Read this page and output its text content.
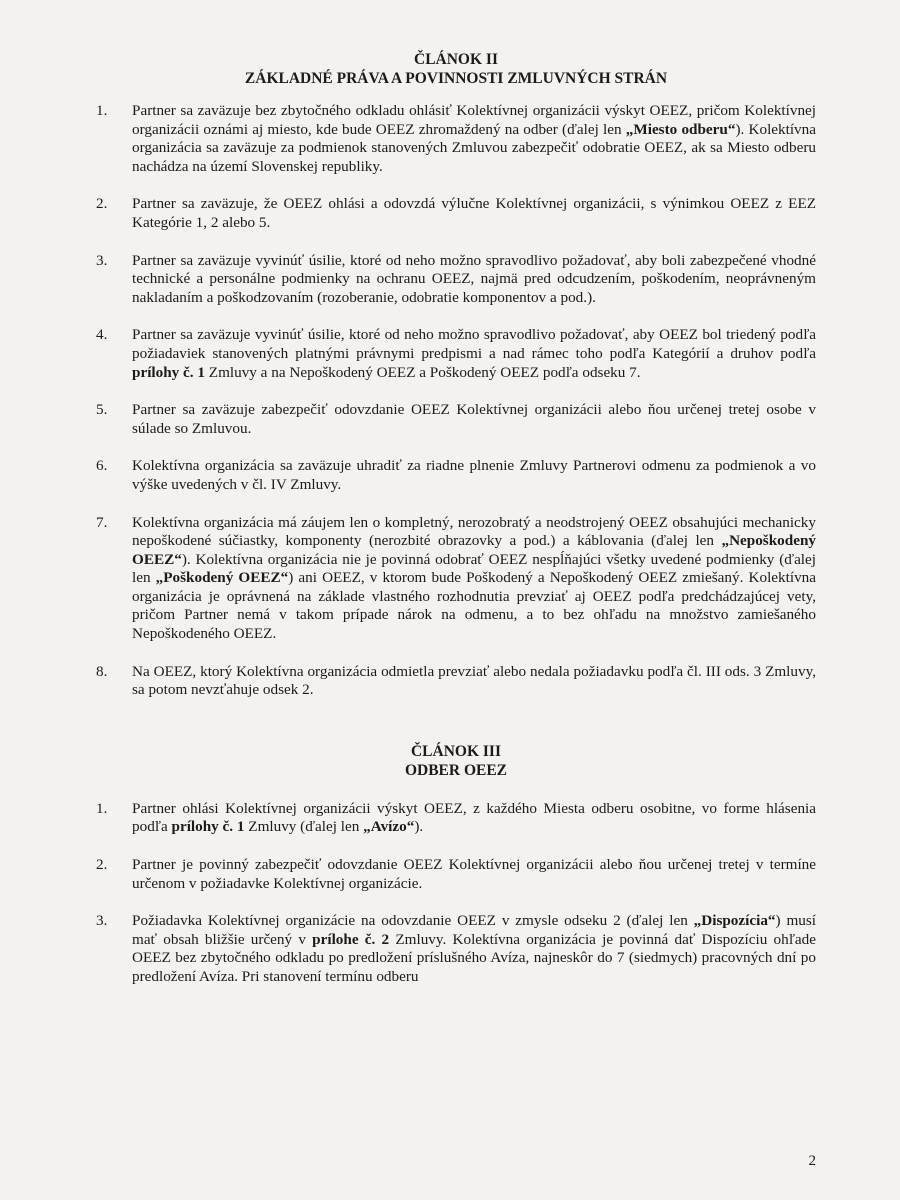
ČLÁNOK II
ZÁKLADNÉ PRÁVA A POVINNOSTI ZMLUVNÝCH STRÁN
1.	Partner sa zaväzuje bez zbytočného odkladu ohlásiť Kolektívnej organizácii výskyt OEEZ, pričom Kolektívnej organizácii oznámi aj miesto, kde bude OEEZ zhromaždený na odber (ďalej len „Miesto odberu“). Kolektívna organizácia sa zaväzuje za podmienok stanovených Zmluvou zabezpečiť odobratie OEEZ, ak sa Miesto odberu nachádza na území Slovenskej republiky.
2.	Partner sa zaväzuje, že OEEZ ohlási a odovzdá výlučne Kolektívnej organizácii, s výnimkou OEEZ z EEZ Kategórie 1, 2 alebo 5.
3.	Partner sa zaväzuje vyvinúť úsilie, ktoré od neho možno spravodlivo požadovať, aby boli zabezpečené vhodné technické a personálne podmienky na ochranu OEEZ, najmä pred odcudzením, poškodením, neoprávneným nakladaním a poškodzovaním (rozoberanie, odobratie komponentov a pod.).
4.	Partner sa zaväzuje vyvinúť úsilie, ktoré od neho možno spravodlivo požadovať, aby OEEZ bol triedený podľa požiadaviek stanovených platnými právnymi predpismi a nad rámec toho podľa Kategórií a druhov podľa prílohy č. 1 Zmluvy a na Nepoškodený OEEZ a Poškodený OEEZ podľa odseku 7.
5.	Partner sa zaväzuje zabezpečiť odovzdanie OEEZ Kolektívnej organizácii alebo ňou určenej tretej osobe v súlade so Zmluvou.
6.	Kolektívna organizácia sa zaväzuje uhradiť za riadne plnenie Zmluvy Partnerovi odmenu za podmienok a vo výške uvedených v čl. IV Zmluvy.
7.	Kolektívna organizácia má záujem len o kompletný, nerozobratý a neodstrojený OEEZ obsahujúci mechanicky nepoškodené súčiastky, komponenty (nerozbité obrazovky a pod.) a káblovania (ďalej len „Nepoškodený OEEZ“). Kolektívna organizácia nie je povinná odobrať OEEZ nespĺňajúci všetky uvedené podmienky (ďalej len „Poškodený OEEZ“) ani OEEZ, v ktorom bude Poškodený a Nepoškodený OEEZ zmiešaný. Kolektívna organizácia je oprávnená na základe vlastného rozhodnutia prevziať aj OEEZ podľa predchádzajúcej vety, pričom Partner nemá v takom prípade nárok na odmenu, a to bez ohľadu na množstvo zamiešaného Nepoškodeného OEEZ.
8.	Na OEEZ, ktorý Kolektívna organizácia odmietla prevziať alebo nedala požiadavku podľa čl. III ods. 3 Zmluvy, sa potom nevzťahuje odsek 2.
ČLÁNOK III
ODBER OEEZ
1.	Partner ohlási Kolektívnej organizácii výskyt OEEZ, z každého Miesta odberu osobitne, vo forme hlásenia podľa prílohy č. 1 Zmluvy (ďalej len „Avízo“).
2.	Partner je povinný zabezpečiť odovzdanie OEEZ Kolektívnej organizácii alebo ňou určenej tretej v termíne určenom v požiadavke Kolektívnej organizácie.
3.	Požiadavka Kolektívnej organizácie na odovzdanie OEEZ v zmysle odseku 2 (ďalej len „Dispozícia“) musí mať obsah bližšie určený v prílohe č. 2 Zmluvy. Kolektívna organizácia je povinná dať Dispozíciu ohľade OEEZ bez zbytočného odkladu po predložení príslušného Avíza, najneskôr do 7 (siedmych) pracovných dní po predložení Avíza. Pri stanovení termínu odberu
2
